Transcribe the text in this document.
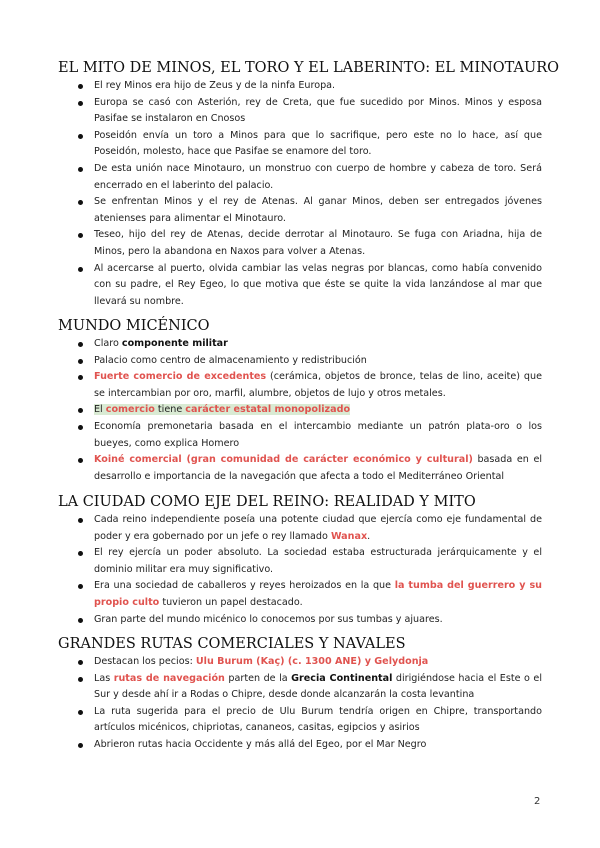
EL MITO DE MINOS, EL TORO Y EL LABERINTO: EL MINOTAURO
El rey Minos era hijo de Zeus y de la ninfa Europa.
Europa se casó con Asterión, rey de Creta, que fue sucedido por Minos. Minos y esposa Pasifae se instalaron en Cnosos
Poseidón envía un toro a Minos para que lo sacrifique, pero este no lo hace, así que Poseidón, molesto, hace que Pasifae se enamore del toro.
De esta unión nace Minotauro, un monstruo con cuerpo de hombre y cabeza de toro. Será encerrado en el laberinto del palacio.
Se enfrentan Minos y el rey de Atenas. Al ganar Minos, deben ser entregados jóvenes atenienses para alimentar el Minotauro.
Teseo, hijo del rey de Atenas, decide derrotar al Minotauro. Se fuga con Ariadna, hija de Minos, pero la abandona en Naxos para volver a Atenas.
Al acercarse al puerto, olvida cambiar las velas negras por blancas, como había convenido con su padre, el Rey Egeo, lo que motiva que éste se quite la vida lanzándose al mar que llevará su nombre.
MUNDO MICÉNICO
Claro componente militar
Palacio como centro de almacenamiento y redistribución
Fuerte comercio de excedentes (cerámica, objetos de bronce, telas de lino, aceite) que se intercambian por oro, marfil, alumbre, objetos de lujo y otros metales.
El comercio tiene carácter estatal monopolizado
Economía premonetaria basada en el intercambio mediante un patrón plata-oro o los bueyes, como explica Homero
Koiné comercial (gran comunidad de carácter económico y cultural) basada en el desarrollo e importancia de la navegación que afecta a todo el Mediterráneo Oriental
LA CIUDAD COMO EJE DEL REINO: REALIDAD Y MITO
Cada reino independiente poseía una potente ciudad que ejercía como eje fundamental de poder y era gobernado por un jefe o rey llamado Wanax.
El rey ejercía un poder absoluto. La sociedad estaba estructurada jerárquicamente y el dominio militar era muy significativo.
Era una sociedad de caballeros y reyes heroizados en la que la tumba del guerrero y su propio culto tuvieron un papel destacado.
Gran parte del mundo micénico lo conocemos por sus tumbas y ajuares.
GRANDES RUTAS COMERCIALES Y NAVALES
Destacan los pecios: Ulu Burum (Kaç) (c. 1300 ANE) y Gelydonja
Las rutas de navegación parten de la Grecia Continental dirigiéndose hacia el Este o el Sur y desde ahí ir a Rodas o Chipre, desde donde alcanzarán la costa levantina
La ruta sugerida para el precio de Ulu Burum tendría origen en Chipre, transportando artículos micénicos, chipriotas, cananeos, casitas, egipcios y asirios
Abrieron rutas hacia Occidente y más allá del Egeo, por el Mar Negro
2
